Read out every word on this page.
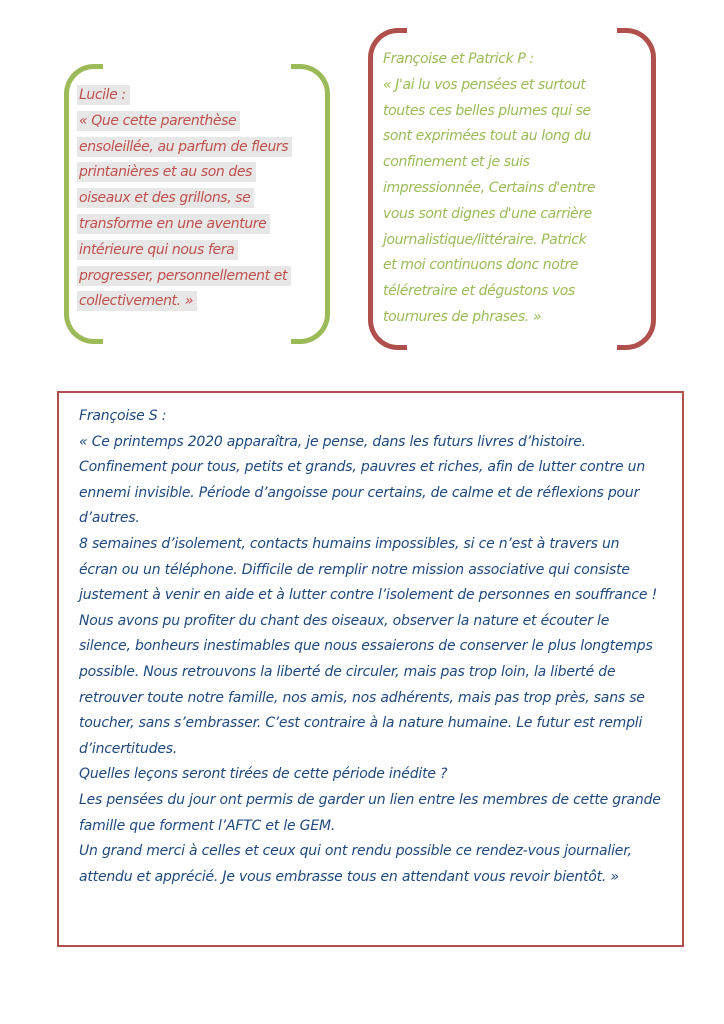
Lucile :
« Que cette parenthèse
ensoleillée, au parfum de fleurs
printanières et au son des
oiseaux et des grillons, se
transforme en une aventure
intérieure qui nous fera
progresser, personnellement et
collectivement. »
Françoise et Patrick P :
« J'ai lu vos pensées et surtout
toutes ces belles plumes qui se
sont exprimées tout au long du
confinement et je suis
impressionnée, Certains d'entre
vous sont dignes d'une carrière
journalistique/littéraire. Patrick
et moi continuons donc notre
téléretraire et dégustons vos
tournures de phrases. »

Françoise S :

« Ce printemps 2020 apparaîtra, je pense, dans les futurs livres d’histoire. Confinement pour tous, petits et grands, pauvres et riches, afin de lutter contre un ennemi invisible. Période d’angoisse pour certains, de calme et de réflexions pour d’autres.

8 semaines d’isolement, contacts humains impossibles, si ce n’est à travers un écran ou un téléphone. Difficile de remplir notre mission associative qui consiste justement à venir en aide et à lutter contre l’isolement de personnes en souffrance !

Nous avons pu profiter du chant des oiseaux, observer la nature et écouter le silence, bonheurs inestimables que nous essaierons de conserver le plus longtemps possible. Nous retrouvons la liberté de circuler, mais pas trop loin, la liberté de retrouver toute notre famille, nos amis, nos adhérents, mais pas trop près, sans se toucher, sans s’embrasser. C’est contraire à la nature humaine. Le futur est rempli d’incertitudes.

Quelles leçons seront tirées de cette période inédite ?

Les pensées du jour ont permis de garder un lien entre les membres de cette grande famille que forment l’AFTC et le GEM.

Un grand merci à celles et ceux qui ont rendu possible ce rendez-vous journalier, attendu et apprécié. Je vous embrasse tous en attendant vous revoir bientôt. »
